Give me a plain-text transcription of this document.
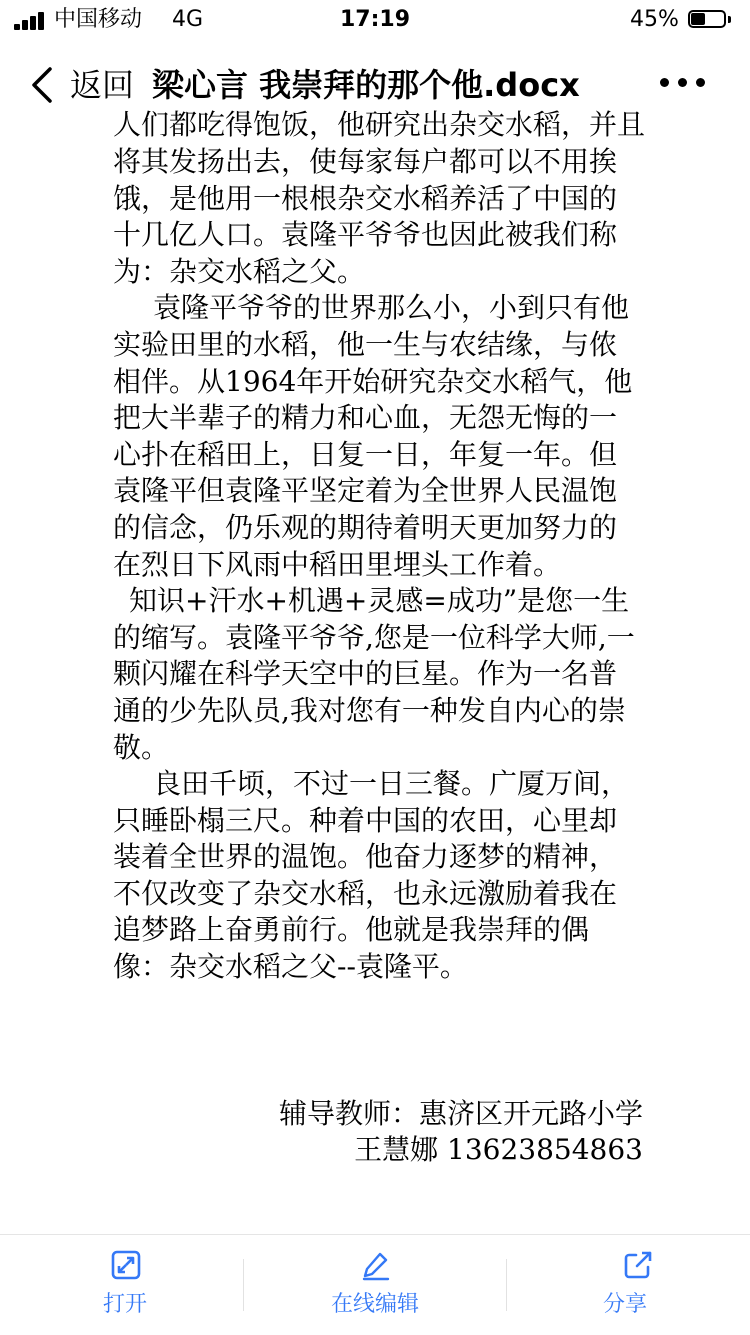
中国移动 4G	17:19	45%
返回 梁心言 我崇拜的那个他.docx
人们都吃得饱饭，他研究出杂交水稻，并且

将其发扬出去，使每家每户都可以不用挨饿，是他用一根根杂交水稻养活了中国的十几亿人口。袁隆平爷爷也因此被我们称为：杂交水稻之父。

袁隆平爷爷的世界那么小，小到只有他实验田里的水稻，他一生与农结缘，与侬相伴。从1964年开始研究杂交水稻气，他把大半辈子的精力和心血，无怨无悔的一心扑在稻田上，日复一日，年复一年。但袁隆平但袁隆平坚定着为全世界人民温饱的信念，仍乐观的期待着明天更加努力的在烈日下风雨中稻田里埋头工作着。

知识+汗水+机遇+灵感=成功”是您一生的缩写。袁隆平爷爷,您是一位科学大师,一颗闪耀在科学天空中的巨星。作为一名普通的少先队员,我对您有一种发自内心的崇敬。

良田千顷，不过一日三餐。广厦万间，只睡卧榻三尺。种着中国的农田，心里却装着全世界的温饱。他奋力逐梦的精神，不仅改变了杂交水稻，也永远激励着我在追梦路上奋勇前行。他就是我崇拜的偶像：杂交水稻之父--袁隆平。

辅导教师：惠济区开元路小学

王慧娜 13623854863

打开	在线编辑	分享
